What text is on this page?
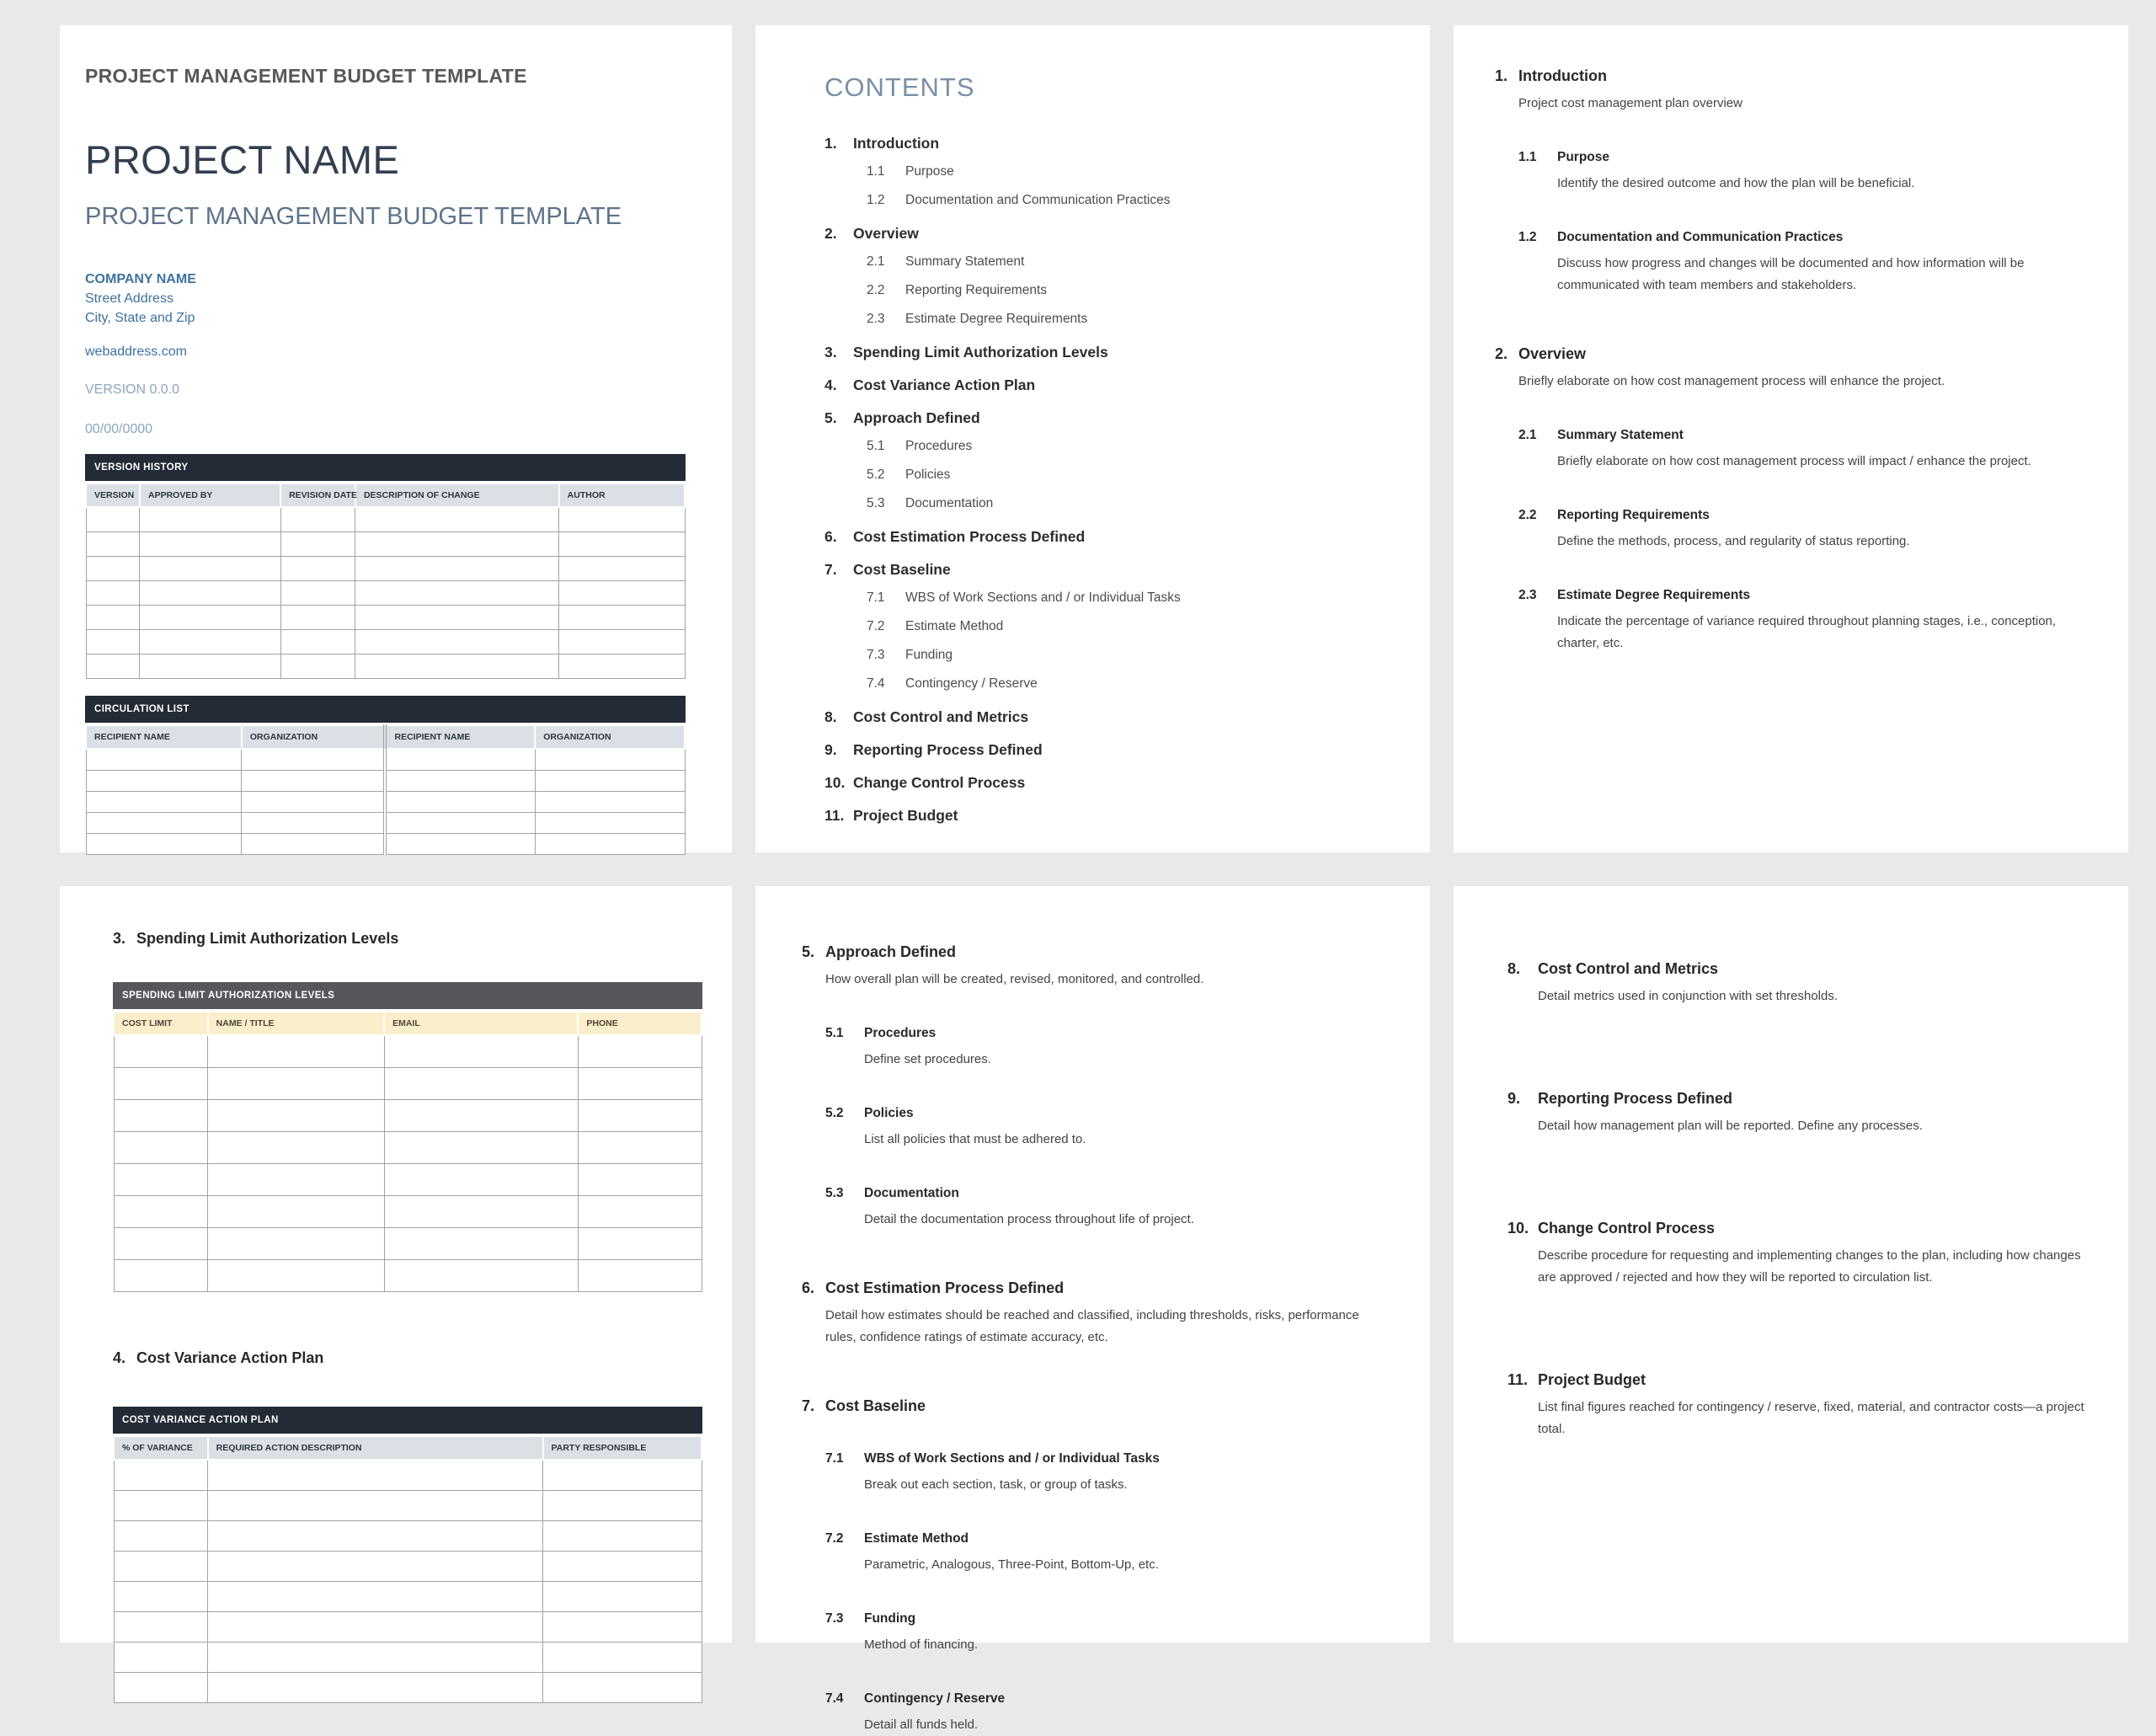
PROJECT MANAGEMENT BUDGET TEMPLATE
PROJECT NAME
PROJECT MANAGEMENT BUDGET TEMPLATE
COMPANY NAME
Street Address
City, State and Zip
webaddress.com
VERSION 0.0.0
00/00/0000
VERSION HISTORY
VERSION	APPROVED BY	REVISION DATE	DESCRIPTION OF CHANGE	AUTHOR

CIRCULATION LIST
RECIPIENT NAME	ORGANIZATION	RECIPIENT NAME	ORGANIZATION

CONTENTS
1.	Introduction
1.1	Purpose
1.2	Documentation and Communication Practices
2.	Overview
2.1	Summary Statement
2.2	Reporting Requirements
2.3	Estimate Degree Requirements
3.	Spending Limit Authorization Levels
4.	Cost Variance Action Plan
5.	Approach Defined
5.1	Procedures
5.2	Policies
5.3	Documentation
6.	Cost Estimation Process Defined
7.	Cost Baseline
7.1	WBS of Work Sections and / or Individual Tasks
7.2	Estimate Method
7.3	Funding
7.4	Contingency / Reserve
8.	Cost Control and Metrics
9.	Reporting Process Defined
10. Change Control Process
11. Project Budget
1. Introduction
Project cost management plan overview
1.1	Purpose
Identify the desired outcome and how the plan will be beneficial.
1.2	Documentation and Communication Practices
Discuss how progress and changes will be documented and how information will be communicated with team members and stakeholders.
2. Overview
Briefly elaborate on how cost management process will enhance the project.
2.1	Summary Statement
Briefly elaborate on how cost management process will impact / enhance the project.
2.2	Reporting Requirements
Define the methods, process, and regularity of status reporting.
2.3	Estimate Degree Requirements
Indicate the percentage of variance required throughout planning stages, i.e., conception, charter, etc.
3. Spending Limit Authorization Levels
SPENDING LIMIT AUTHORIZATION LEVELS
COST LIMIT	NAME / TITLE	EMAIL	PHONE

4. Cost Variance Action Plan
COST VARIANCE ACTION PLAN
% OF VARIANCE	REQUIRED ACTION DESCRIPTION	PARTY RESPONSIBLE

5. Approach Defined
How overall plan will be created, revised, monitored, and controlled.
5.1	Procedures
Define set procedures.
5.2	Policies
List all policies that must be adhered to.
5.3	Documentation
Detail the documentation process throughout life of project.
6. Cost Estimation Process Defined
Detail how estimates should be reached and classified, including thresholds, risks, performance rules, confidence ratings of estimate accuracy, etc.
7. Cost Baseline
7.1	WBS of Work Sections and / or Individual Tasks
Break out each section, task, or group of tasks.
7.2	Estimate Method
Parametric, Analogous, Three-Point, Bottom-Up, etc.
7.3	Funding
Method of financing.
7.4	Contingency / Reserve
Detail all funds held.
8.	Cost Control and Metrics
Detail metrics used in conjunction with set thresholds.
9.	Reporting Process Defined
Detail how management plan will be reported. Define any processes.
10. Change Control Process
Describe procedure for requesting and implementing changes to the plan, including how changes are approved / rejected and how they will be reported to circulation list.
11. Project Budget
List final figures reached for contingency / reserve, fixed, material, and contractor costs—a project total.
